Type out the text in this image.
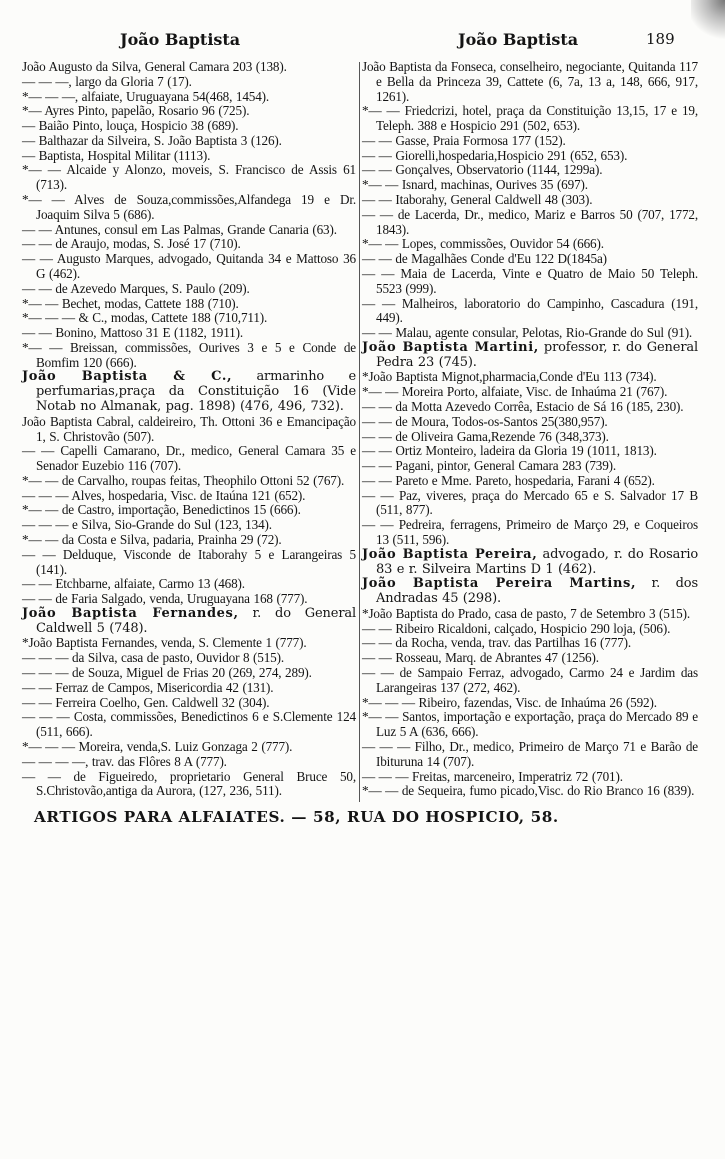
João Baptista	João Baptista	189

João Augusto da Silva, General Camara 203 (138).

— — —, largo da Gloria 7 (17).

*— — —, alfaiate, Uruguayana 54(468, 1454).

*— Ayres Pinto, papelão, Rosario 96 (725).

— Baião Pinto, louça, Hospicio 38 (689).

— Balthazar da Silveira, S. João Baptista 3 (126).

— Baptista, Hospital Militar (1113).

*— — Alcaide y Alonzo, moveis, S. Francisco de Assis 61 (713).

*— — Alves de Souza,commissões,Alfandega 19 e Dr. Joaquim Silva 5 (686).

— — Antunes, consul em Las Palmas, Grande Canaria (63).

— — de Araujo, modas, S. José 17 (710).

— — Augusto Marques, advogado, Quitanda 34 e Mattoso 36 G (462).

— — de Azevedo Marques, S. Paulo (209).

*— — Bechet, modas, Cattete 188 (710).

*— — — & C., modas, Cattete 188 (710,711).

— — Bonino, Mattoso 31 E (1182, 1911).

*— — Breissan, commissões, Ourives 3 e 5 e Conde de Bomfim 120 (666).

João Baptista & C., armarinho e perfumarias,praça da Constituição 16 (Vide Notab no Almanak, pag. 1898) (476, 496, 732).

João Baptista Cabral, caldeireiro, Th. Ottoni 36 e Emancipação 1, S. Christovão (507).

— — Capelli Camarano, Dr., medico, General Camara 35 e Senador Euzebio 116 (707).

*— — de Carvalho, roupas feitas, Theophilo Ottoni 52 (767).

— — — Alves, hospedaria, Visc. de Itaúna 121 (652).

*— — de Castro, importação, Benedictinos 15 (666).

— — — e Silva, Sio-Grande do Sul (123, 134).

*— — da Costa e Silva, padaria, Prainha 29 (72).

— — Delduque, Visconde de Itaborahy 5 e Larangeiras 5 (141).

— — Etchbarne, alfaiate, Carmo 13 (468).

— — de Faria Salgado, venda, Uruguayana 168 (777).

João Baptista Fernandes, r. do General Caldwell 5 (748).

*João Baptista Fernandes, venda, S. Clemente 1 (777).

— — — da Silva, casa de pasto, Ouvidor 8 (515).

— — — de Souza, Miguel de Frias 20 (269, 274, 289).

— — Ferraz de Campos, Misericordia 42 (131).

— — Ferreira Coelho, Gen. Caldwell 32 (304).

— — — Costa, commissões, Benedictinos 6 e S.Clemente 124 (511, 666).

*— — — Moreira, venda,S. Luiz Gonzaga 2 (777).

— — — —, trav. das Flôres 8 A (777).

— — de Figueiredo, proprietario General Bruce 50, S.Christovão,antiga da Aurora, (127, 236, 511).

João Baptista da Fonseca, conselheiro, negociante, Quitanda 117 e Bella da Princeza 39, Cattete (6, 7a, 13 a, 148, 666, 917, 1261).

*— — Friedcrizi, hotel, praça da Constituição 13,15, 17 e 19, Teleph. 388 e Hospicio 291 (502, 653).

— — Gasse, Praia Formosa 177 (152).

— — Giorelli,hospedaria,Hospicio 291 (652, 653).

— — Gonçalves, Observatorio (1144, 1299a).

*— — Isnard, machinas, Ourives 35 (697).

— — Itaborahy, General Caldwell 48 (303).

— — de Lacerda, Dr., medico, Mariz e Barros 50 (707, 1772, 1843).

*— — Lopes, commissões, Ouvidor 54 (666).

— — de Magalhães Conde d'Eu 122 D(1845a)

— — Maia de Lacerda, Vinte e Quatro de Maio 50 Teleph. 5523 (999).

— — Malheiros, laboratorio do Campinho, Cascadura (191, 449).

— — Malau, agente consular, Pelotas, Rio-Grande do Sul (91).

João Baptista Martini, professor, r. do General Pedra 23 (745).

*João Baptista Mignot,pharmacia,Conde d'Eu 113 (734).

*— — Moreira Porto, alfaiate, Visc. de Inhaúma 21 (767).

— — da Motta Azevedo Corrêa, Estacio de Sá 16 (185, 230).

— — de Moura, Todos-os-Santos 25(380,957).

— — de Oliveira Gama,Rezende 76 (348,373).

— — Ortiz Monteiro, ladeira da Gloria 19 (1011, 1813).

— — Pagani, pintor, General Camara 283 (739).

— — Pareto e Mme. Pareto, hospedaria, Farani 4 (652).

— — Paz, viveres, praça do Mercado 65 e S. Salvador 17 B (511, 877).

— — Pedreira, ferragens, Primeiro de Março 29, e Coqueiros 13 (511, 596).

João Baptista Pereira, advogado, r. do Rosario 83 e r. Silveira Martins D 1 (462).

João Baptista Pereira Martins, r. dos Andradas 45 (298).

*João Baptista do Prado, casa de pasto, 7 de Setembro 3 (515).

— — Ribeiro Ricaldoni, calçado, Hospicio 290 loja, (506).

— — da Rocha, venda, trav. das Partilhas 16 (777).

— — Rosseau, Marq. de Abrantes 47 (1256).

— — de Sampaio Ferraz, advogado, Carmo 24 e Jardim das Larangeiras 137 (272, 462).

*— — — Ribeiro, fazendas, Visc. de Inhaúma 26 (592).

*— — Santos, importação e exportação, praça do Mercado 89 e Luz 5 A (636, 666).

— — — Filho, Dr., medico, Primeiro de Março 71 e Barão de Ibituruna 14 (707).

— — — Freitas, marceneiro, Imperatriz 72 (701).

*— — de Sequeira, fumo picado,Visc. do Rio Branco 16 (839).

ARTIGOS PARA ALFAIATES. — 58, RUA DO HOSPICIO, 58.
